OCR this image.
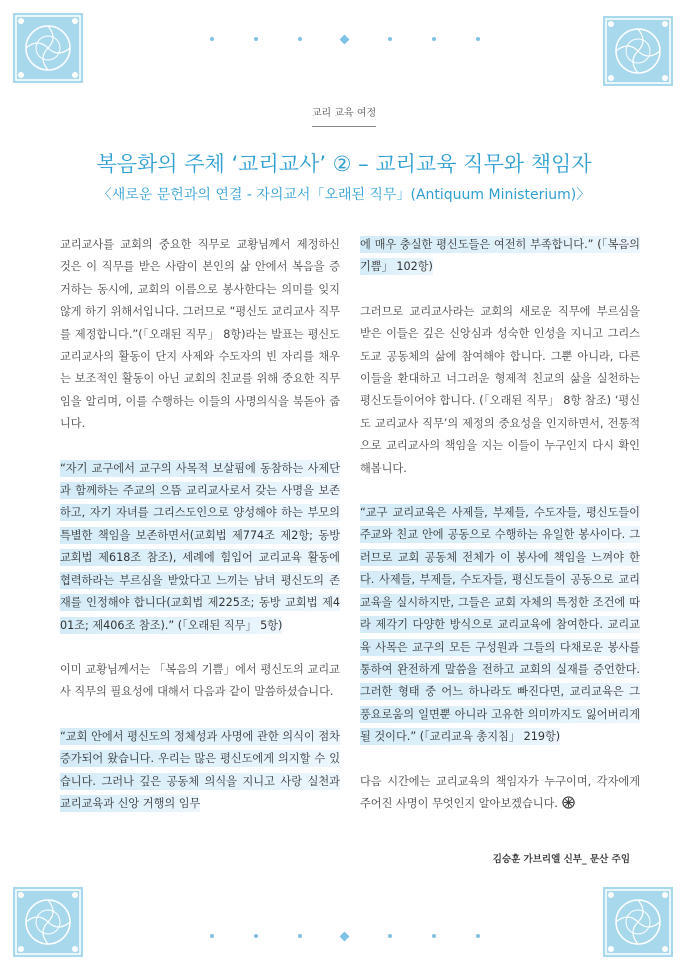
교리 교육 여정
복음화의 주체 ‘교리교사’ ② – 교리교육 직무와 책임자
〈새로운 문헌과의 연결 - 자의교서「오래된 직무」(Antiquum Ministerium)〉

교리교사를 교회의 중요한 직무로 교황님께서 제정하신 것은 이 직무를 받은 사람이 본인의 삶 안에서 복음을 증거하는 동시에, 교회의 이름으로 봉사한다는 의미를 잊지 않게 하기 위해서입니다. 그러므로 “평신도 교리교사 직무를 제정합니다.”(「오래된 직무」 8항)라는 발표는 평신도 교리교사의 활동이 단지 사제와 수도자의 빈 자리를 채우는 보조적인 활동이 아닌 교회의 친교를 위해 중요한 직무임을 알리며, 이를 수행하는 이들의 사명의식을 북돋아 줍니다.

“자기 교구에서 교구의 사목적 보살핌에 동참하는 사제단과 함께하는 주교의 으뜸 교리교사로서 갖는 사명을 보존하고, 자기 자녀를 그리스도인으로 양성해야 하는 부모의 특별한 책임을 보존하면서(교회법 제774조 제2항; 동방 교회법 제618조 참조), 세례에 힘입어 교리교육 활동에 협력하라는 부르심을 받았다고 느끼는 남녀 평신도의 존재를 인정해야 합니다(교회법 제225조; 동방 교회법 제401조; 제406조 참조).” (「오래된 직무」 5항)

이미 교황님께서는 「복음의 기쁨」에서 평신도의 교리교사 직무의 필요성에 대해서 다음과 같이 말씀하셨습니다.

“교회 안에서 평신도의 정체성과 사명에 관한 의식이 점차 증가되어 왔습니다. 우리는 많은 평신도에게 의지할 수 있습니다. 그러나 깊은 공동체 의식을 지니고 사랑 실천과 교리교육과 신앙 거행의 임무

에 매우 충실한 평신도들은 여전히 부족합니다.” (「복음의 기쁨」 102항)

그러므로 교리교사라는 교회의 새로운 직무에 부르심을 받은 이들은 깊은 신앙심과 성숙한 인성을 지니고 그리스도교 공동체의 삶에 참여해야 합니다. 그뿐 아니라, 다른 이들을 환대하고 너그러운 형제적 친교의 삶을 실천하는 평신도들이어야 합니다. (「오래된 직무」 8항 참조) ‘평신도 교리교사 직무’의 제정의 중요성을 인지하면서, 전통적으로 교리교사의 책임을 지는 이들이 누구인지 다시 확인해봅니다.

“교구 교리교육은 사제들, 부제들, 수도자들, 평신도들이 주교와 친교 안에 공동으로 수행하는 유일한 봉사이다. 그러므로 교회 공동체 전체가 이 봉사에 책임을 느껴야 한다. 사제들, 부제들, 수도자들, 평신도들이 공동으로 교리교육을 실시하지만, 그들은 교회 자체의 특정한 조건에 따라 제각기 다양한 방식으로 교리교육에 참여한다. 교리교육 사목은 교구의 모든 구성원과 그들의 다채로운 봉사를 통하여 완전하게 말씀을 전하고 교회의 실재를 증언한다. 그러한 형태 중 어느 하나라도 빠진다면, 교리교육은 그 풍요로움의 일면뿐 아니라 고유한 의미까지도 잃어버리게 될 것이다.” (「교리교육 총지침」 219항)

다음 시간에는 교리교육의 책임자가 누구이며, 각자에게 주어진 사명이 무엇인지 알아보겠습니다.

김승훈 가브리엘 신부_ 문산 주임
